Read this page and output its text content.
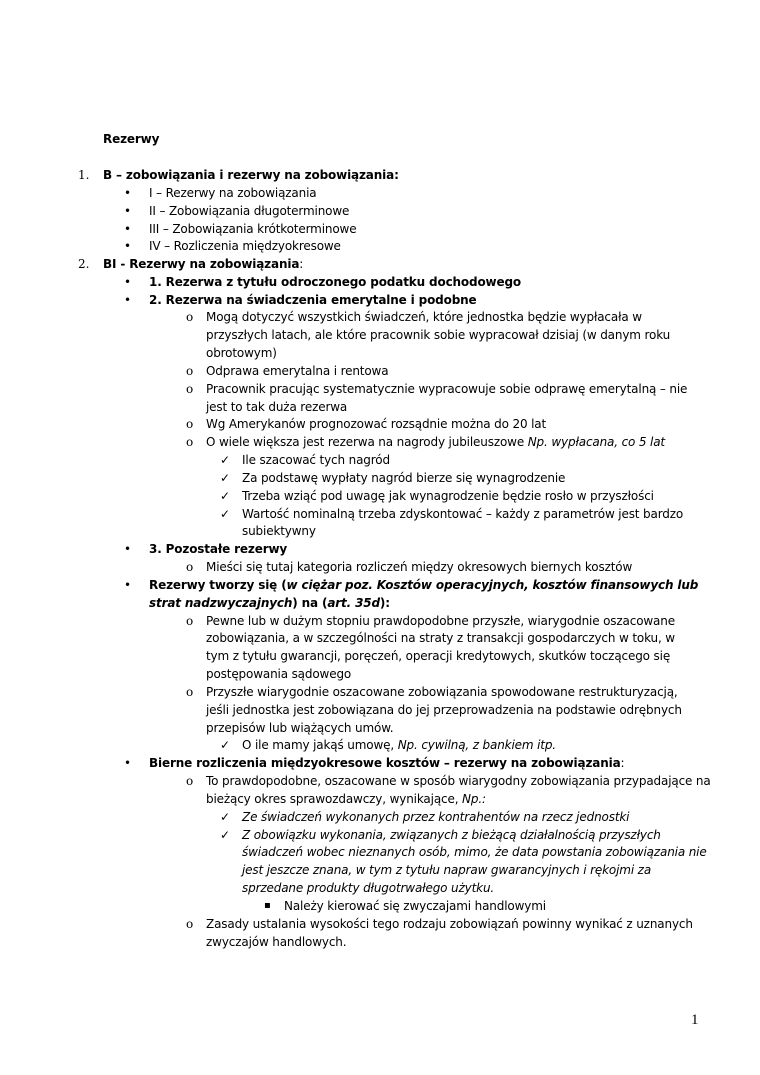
Rezerwy
1. B – zobowiązania i rezerwy na zobowiązania:
• I – Rezerwy na zobowiązania
• II – Zobowiązania długoterminowe
• III – Zobowiązania krótkoterminowe
• IV – Rozliczenia międzyokresowe
2. BI - Rezerwy na zobowiązania:
• 1. Rezerwa z tytułu odroczonego podatku dochodowego
• 2. Rezerwa na świadczenia emerytalne i podobne
o Mogą dotyczyć wszystkich świadczeń, które jednostka będzie wypłacała w
przyszłych latach, ale które pracownik sobie wypracował dzisiaj (w danym roku
obrotowym)
o Odprawa emerytalna i rentowa
o Pracownik pracując systematycznie wypracowuje sobie odprawę emerytalną – nie
jest to tak duża rezerwa
o Wg Amerykanów prognozować rozsądnie można do 20 lat
o O wiele większa jest rezerwa na nagrody jubileuszowe Np. wypłacana, co 5 lat
✓ Ile szacować tych nagród
✓ Za podstawę wypłaty nagród bierze się wynagrodzenie
✓ Trzeba wziąć pod uwagę jak wynagrodzenie będzie rosło w przyszłości
✓ Wartość nominalną trzeba zdyskontować – każdy z parametrów jest bardzo
subiektywny
• 3. Pozostałe rezerwy
o Mieści się tutaj kategoria rozliczeń między okresowych biernych kosztów
• Rezerwy tworzy się (w ciężar poz. Kosztów operacyjnych, kosztów finansowych lub
strat nadzwyczajnych) na (art. 35d):
o Pewne lub w dużym stopniu prawdopodobne przyszłe, wiarygodnie oszacowane
zobowiązania, a w szczególności na straty z transakcji gospodarczych w toku, w
tym z tytułu gwarancji, poręczeń, operacji kredytowych, skutków toczącego się
postępowania sądowego
o Przyszłe wiarygodnie oszacowane zobowiązania spowodowane restrukturyzacją,
jeśli jednostka jest zobowiązana do jej przeprowadzenia na podstawie odrębnych
przepisów lub wiążących umów.
✓ O ile mamy jakąś umowę, Np. cywilną, z bankiem itp.
• Bierne rozliczenia międzyokresowe kosztów – rezerwy na zobowiązania:
o To prawdopodobne, oszacowane w sposób wiarygodny zobowiązania przypadające na
bieżący okres sprawozdawczy, wynikające, Np.:
✓ Ze świadczeń wykonanych przez kontrahentów na rzecz jednostki
✓ Z obowiązku wykonania, związanych z bieżącą działalnością przyszłych
świadczeń wobec nieznanych osób, mimo, że data powstania zobowiązania nie
jest jeszcze znana, w tym z tytułu napraw gwarancyjnych i rękojmi za
sprzedane produkty długotrwałego użytku.
▪ Należy kierować się zwyczajami handlowymi
o Zasady ustalania wysokości tego rodzaju zobowiązań powinny wynikać z uznanych
zwyczajów handlowych.
1
